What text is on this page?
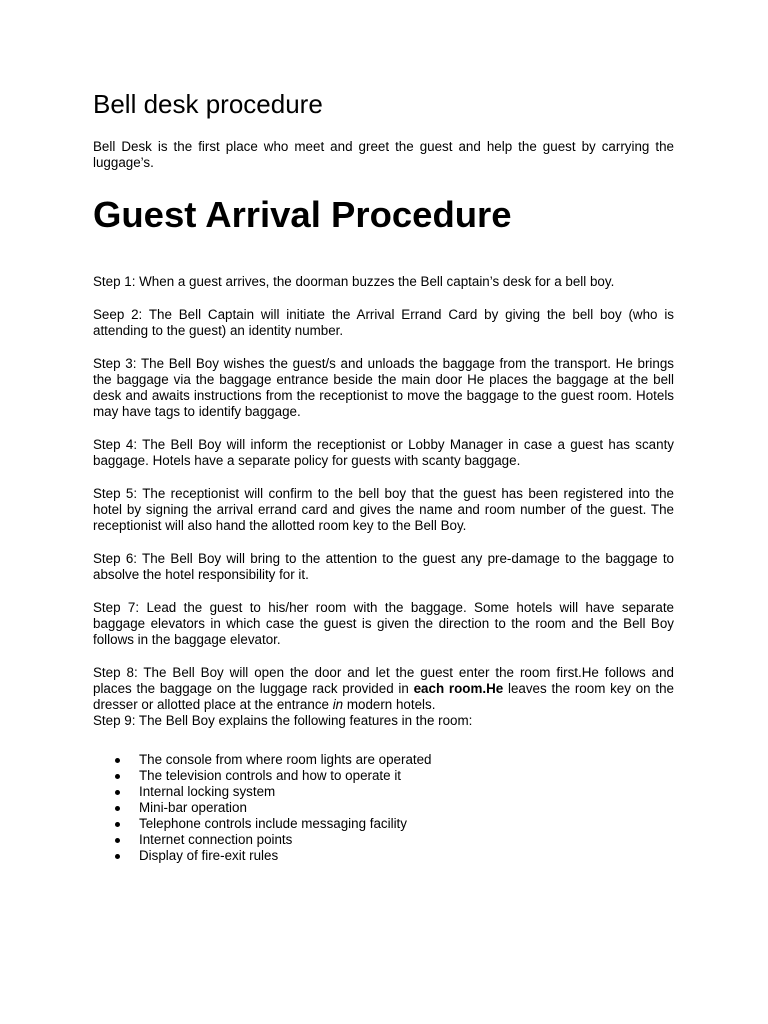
Bell desk procedure

Bell Desk is the first place who meet and greet the guest and help the guest by carrying the luggage’s.

Guest Arrival Procedure

Step 1: When a guest arrives, the doorman buzzes the Bell captain’s desk for a bell boy.

Seep 2: The Bell Captain will initiate the Arrival Errand Card by giving the bell boy (who is attending to the guest) an identity number.

Step 3: The Bell Boy wishes the guest/s and unloads the baggage from the transport. He brings the baggage via the baggage entrance beside the main door He places the baggage at the bell desk and awaits instructions from the receptionist to move the baggage to the guest room. Hotels may have tags to identify baggage.

Step 4: The Bell Boy will inform the receptionist or Lobby Manager in case a guest has scanty baggage. Hotels have a separate policy for guests with scanty baggage.

Step 5: The receptionist will confirm to the bell boy that the guest has been registered into the hotel by signing the arrival errand card and gives the name and room number of the guest. The receptionist will also hand the allotted room key to the Bell Boy.

Step 6: The Bell Boy will bring to the attention to the guest any pre-damage to the baggage to absolve the hotel responsibility for it.

Step 7: Lead the guest to his/her room with the baggage. Some hotels will have separate baggage elevators in which case the guest is given the direction to the room and the Bell Boy follows in the baggage elevator.

Step 8: The Bell Boy will open the door and let the guest enter the room first.He follows and places the baggage on the luggage rack provided in each room.He leaves the room key on the dresser or allotted place at the entrance in modern hotels.

Step 9: The Bell Boy explains the following features in the room:

The console from where room lights are operated
The television controls and how to operate it
Internal locking system
Mini-bar operation
Telephone controls include messaging facility
Internet connection points
Display of fire-exit rules
